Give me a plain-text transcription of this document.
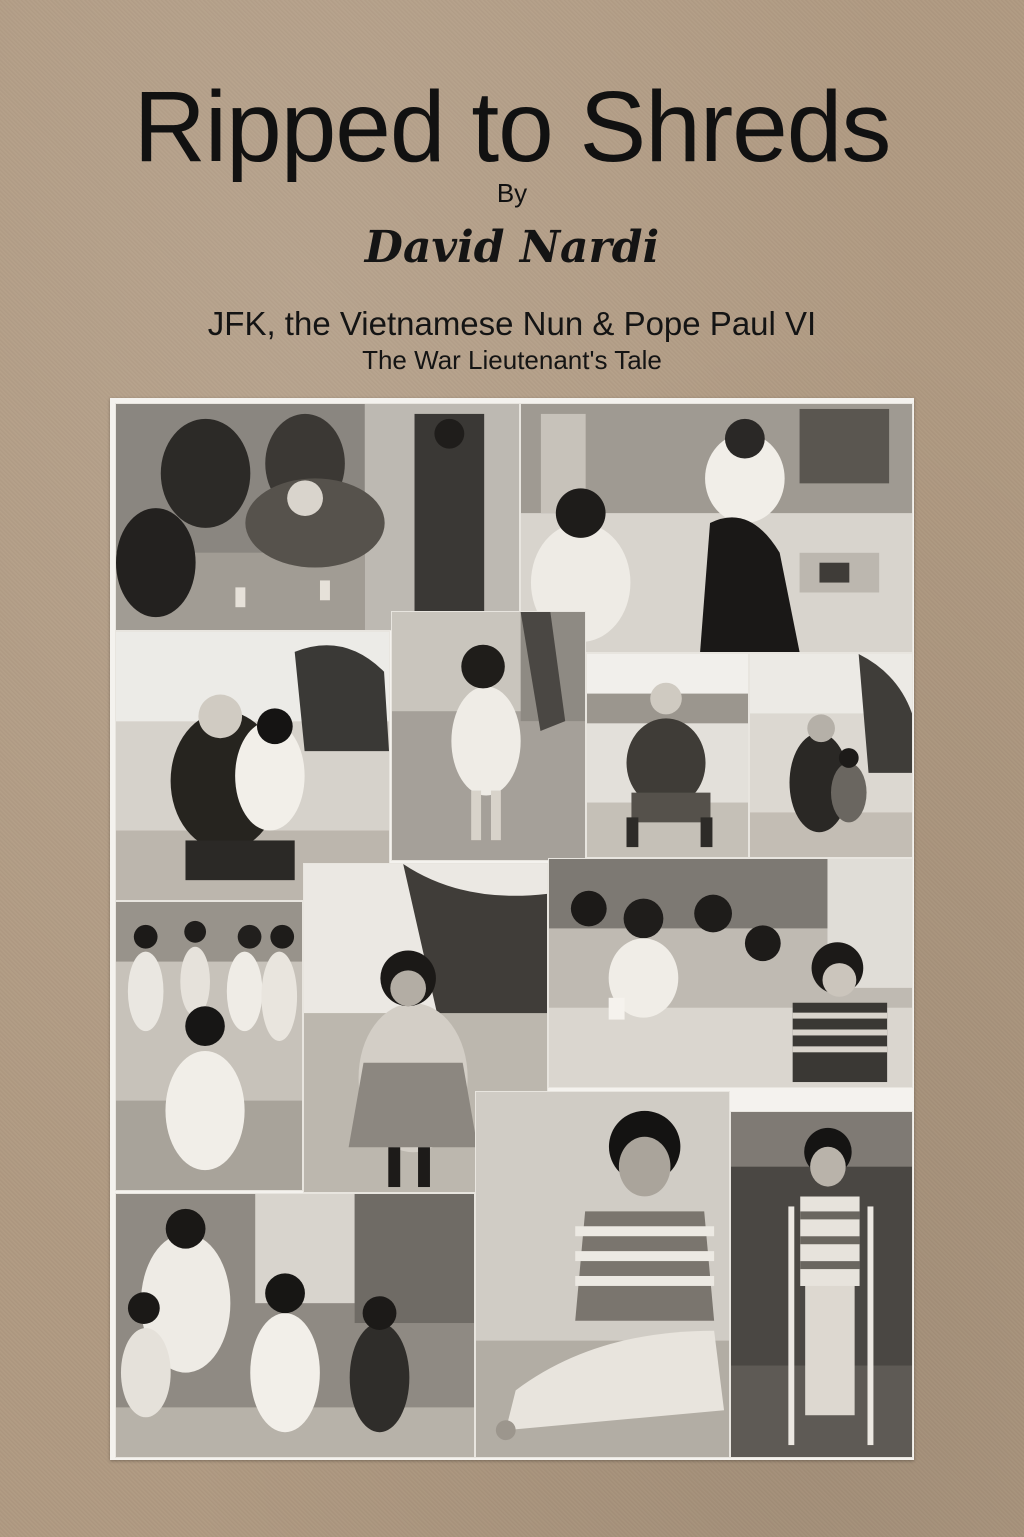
Ripped to Shreds
By
David Nardi
JFK, the Vietnamese Nun & Pope Paul VI
The War Lieutenant's Tale
